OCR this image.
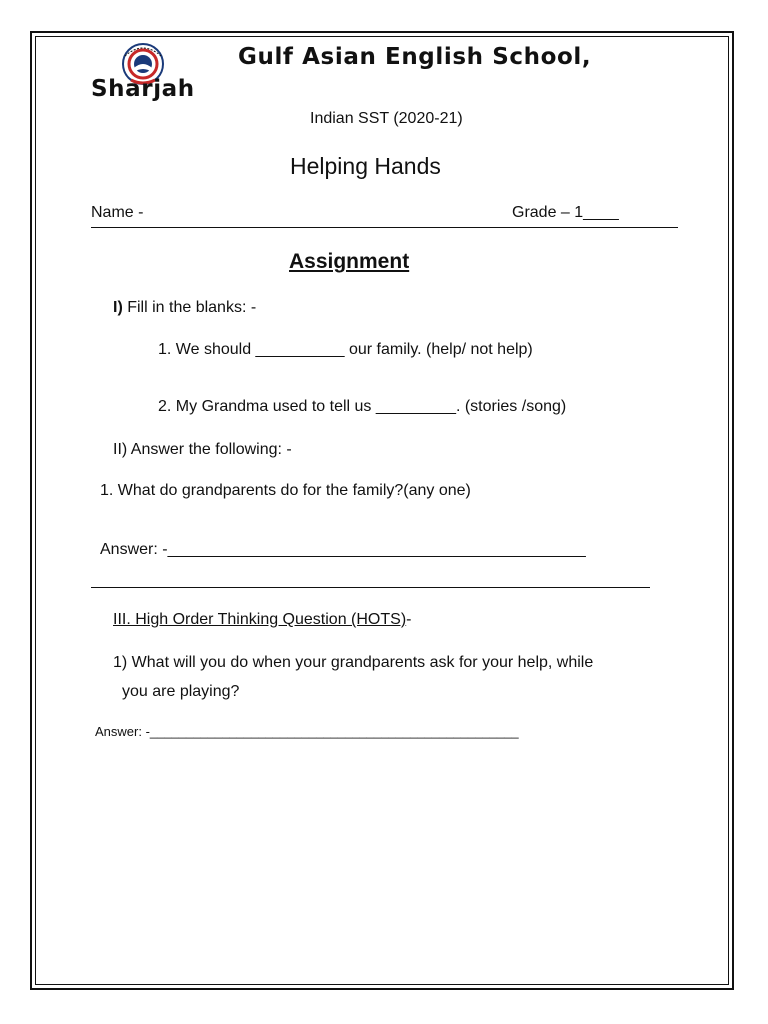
Gulf Asian English School,
Sharjah
Indian SST (2020-21)
Helping Hands
Name -	Grade – 1____
Assignment
I) Fill in the blanks: -
1. We should __________ our family. (help/ not help)
2. My Grandma used to tell us _________. (stories /song)
II) Answer the following: -
1. What do grandparents do for the family?(any one)
Answer: -_______________________________________________
III. High Order Thinking Question (HOTS)-
1) What will you do when your grandparents ask for your help, while
you are playing?
Answer: -___________________________________________________
